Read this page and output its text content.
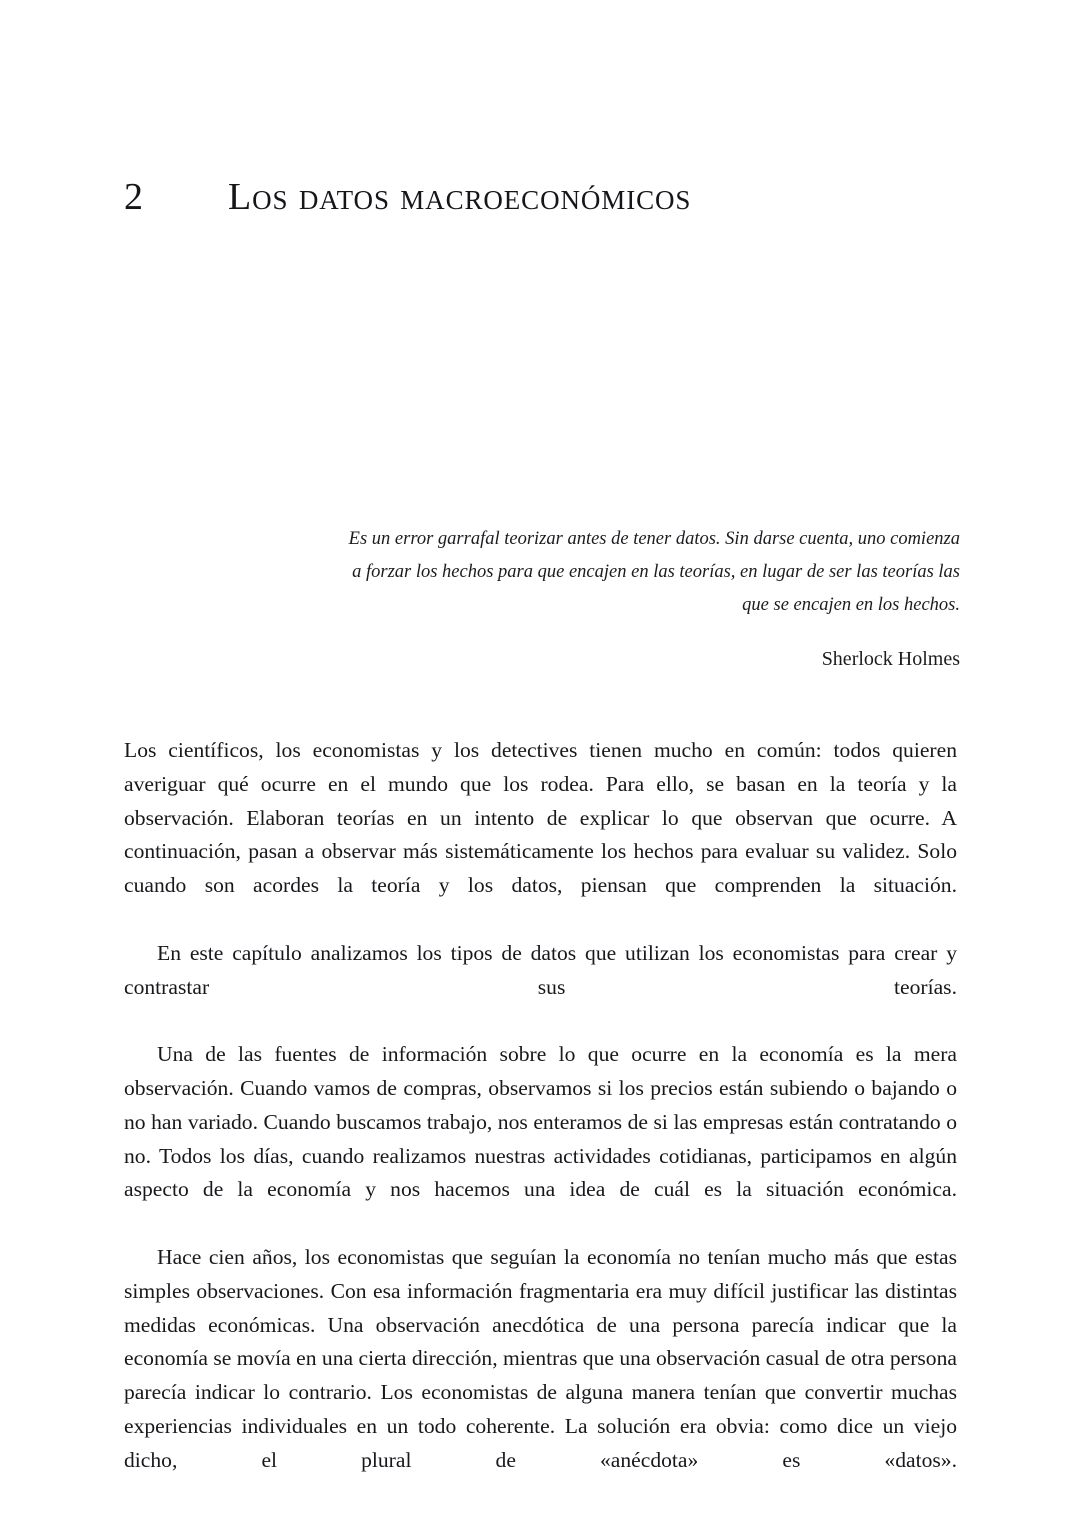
2	los datos macroeconómicos

Es un error garrafal teorizar antes de tener datos. Sin darse cuenta, uno comienza a forzar los hechos para que encajen en las teorías, en lugar de ser las teorías las que se encajen en los hechos.

Sherlock Holmes

Los científicos, los economistas y los detectives tienen mucho en común: todos quieren averiguar qué ocurre en el mundo que los rodea. Para ello, se basan en la teoría y la observación. Elaboran teorías en un intento de explicar lo que observan que ocurre. A continuación, pasan a observar más sistemáticamente los hechos para evaluar su validez. Solo cuando son acordes la teoría y los datos, piensan que comprenden la situación.

En este capítulo analizamos los tipos de datos que utilizan los economistas para crear y contrastar sus teorías.

Una de las fuentes de información sobre lo que ocurre en la economía es la mera observación. Cuando vamos de compras, observamos si los precios están subiendo o bajando o no han variado. Cuando buscamos trabajo, nos enteramos de si las empresas están contratando o no. Todos los días, cuando realizamos nuestras actividades cotidianas, participamos en algún aspecto de la economía y nos hacemos una idea de cuál es la situación económica.

Hace cien años, los economistas que seguían la economía no tenían mucho más que estas simples observaciones. Con esa información fragmentaria era muy difícil justificar las distintas medidas económicas. Una observación anecdótica de una persona parecía indicar que la economía se movía en una cierta dirección, mientras que una observación casual de otra persona parecía indicar lo contrario. Los economistas de alguna manera tenían que convertir muchas experiencias individuales en un todo coherente. La solución era obvia: como dice un viejo dicho, el plural de «anécdota» es «datos».
